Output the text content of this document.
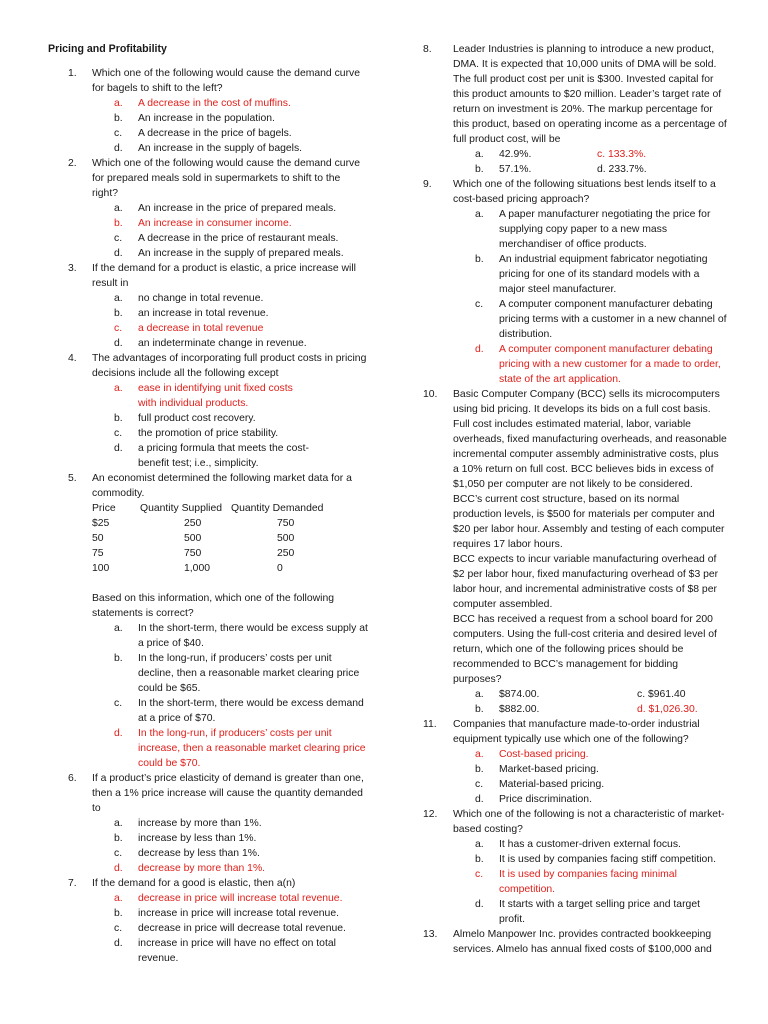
Pricing and Profitability
1. Which one of the following would cause the demand curve for bagels to shift to the left?
a. A decrease in the cost of muffins.
b. An increase in the population.
c. A decrease in the price of bagels.
d. An increase in the supply of bagels.
2. Which one of the following would cause the demand curve for prepared meals sold in supermarkets to shift to the right?
a. An increase in the price of prepared meals.
b. An increase in consumer income.
c. A decrease in the price of restaurant meals.
d. An increase in the supply of prepared meals.
3. If the demand for a product is elastic, a price increase will result in
a. no change in total revenue.
b. an increase in total revenue.
c. a decrease in total revenue
d. an indeterminate change in revenue.
4. The advantages of incorporating full product costs in pricing decisions include all the following except
a. ease in identifying unit fixed costs with individual products.
b. full product cost recovery.
c. the promotion of price stability.
d. a pricing formula that meets the cost-benefit test; i.e., simplicity.
5. An economist determined the following market data for a commodity.
Price	Quantity Supplied	Quantity Demanded
$25	250	750
50	500	500
75	750	250
100	1,000	0
Based on this information, which one of the following statements is correct?
a. In the short-term, there would be excess supply at a price of $40.
b. In the long-run, if producers’ costs per unit decline, then a reasonable market clearing price could be $65.
c. In the short-term, there would be excess demand at a price of $70.
d. In the long-run, if producers’ costs per unit increase, then a reasonable market clearing price could be $70.
6. If a product’s price elasticity of demand is greater than one, then a 1% price increase will cause the quantity demanded to
a. increase by more than 1%.
b. increase by less than 1%.
c. decrease by less than 1%.
d. decrease by more than 1%.
7. If the demand for a good is elastic, then a(n)
a. decrease in price will increase total revenue.
b. increase in price will increase total revenue.
c. decrease in price will decrease total revenue.
d. increase in price will have no effect on total revenue.
8. Leader Industries is planning to introduce a new product, DMA. It is expected that 10,000 units of DMA will be sold. The full product cost per unit is $300. Invested capital for this product amounts to $20 million. Leader’s target rate of return on investment is 20%. The markup percentage for this product, based on operating income as a percentage of full product cost, will be
a. 42.9%.	c. 133.3%.
b. 57.1%.	d. 233.7%.
9. Which one of the following situations best lends itself to a cost-based pricing approach?
a. A paper manufacturer negotiating the price for supplying copy paper to a new mass merchandiser of office products.
b. An industrial equipment fabricator negotiating pricing for one of its standard models with a major steel manufacturer.
c. A computer component manufacturer debating pricing terms with a customer in a new channel of distribution.
d. A computer component manufacturer debating pricing with a new customer for a made to order, state of the art application.
10. Basic Computer Company (BCC) sells its microcomputers using bid pricing. It develops its bids on a full cost basis. Full cost includes estimated material, labor, variable overheads, fixed manufacturing overheads, and reasonable incremental computer assembly administrative costs, plus a 10% return on full cost. BCC believes bids in excess of $1,050 per computer are not likely to be considered.
BCC’s current cost structure, based on its normal production levels, is $500 for materials per computer and $20 per labor hour. Assembly and testing of each computer requires 17 labor hours.
BCC expects to incur variable manufacturing overhead of $2 per labor hour, fixed manufacturing overhead of $3 per labor hour, and incremental administrative costs of $8 per computer assembled.
BCC has received a request from a school board for 200 computers. Using the full-cost criteria and desired level of return, which one of the following prices should be recommended to BCC’s management for bidding purposes?
a. $874.00.	c. $961.40
b. $882.00.	d. $1,026.30.
11. Companies that manufacture made-to-order industrial equipment typically use which one of the following?
a. Cost-based pricing.
b. Market-based pricing.
c. Material-based pricing.
d. Price discrimination.
12. Which one of the following is not a characteristic of market-based costing?
a. It has a customer-driven external focus.
b. It is used by companies facing stiff competition.
c. It is used by companies facing minimal competition.
d. It starts with a target selling price and target profit.
13. Almelo Manpower Inc. provides contracted bookkeeping services. Almelo has annual fixed costs of $100,000 and
